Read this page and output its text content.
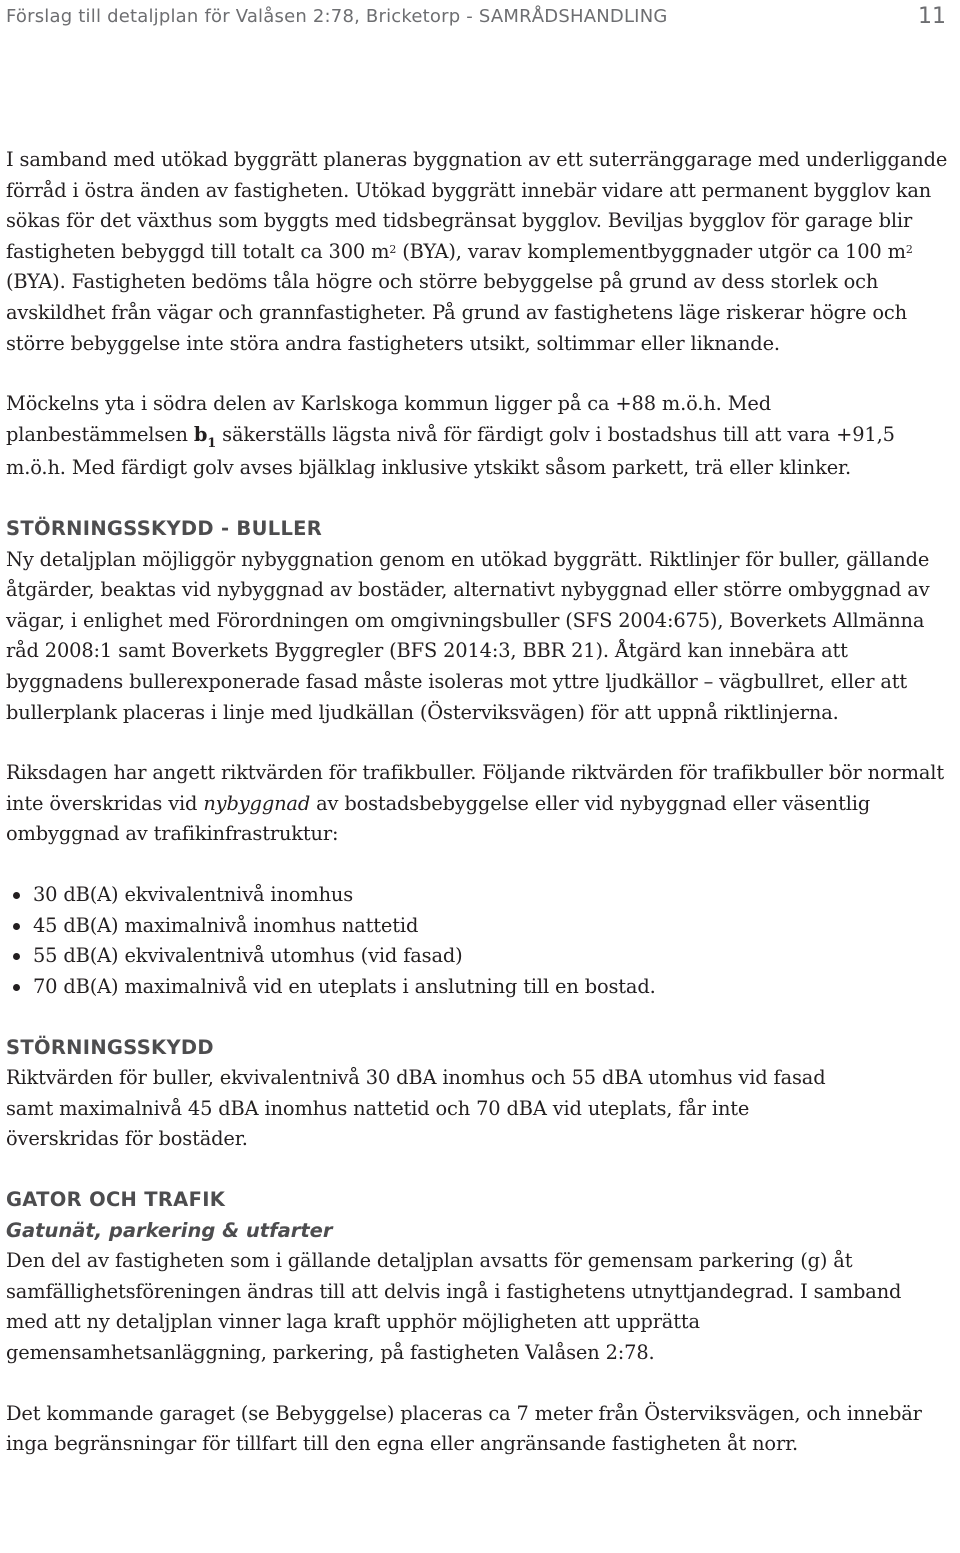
Förslag till detaljplan för Valåsen 2:78, Bricketorp - SAMRÅDSHANDLING	11

I samband med utökad byggrätt planeras byggnation av ett suterränggarage med underliggande förråd i östra änden av fastigheten. Utökad byggrätt innebär vidare att permanent bygglov kan sökas för det växthus som byggts med tidsbegränsat bygglov. Beviljas bygglov för garage blir fastigheten bebyggd till totalt ca 300 $m^2$ (BYA), varav komplementbyggnader utgör ca 100 $m^2$ (BYA). Fastigheten bedöms tåla högre och större bebyggelse på grund av dess storlek och avskildhet från vägar och grannfastigheter. På grund av fastighetens läge riskerar högre och större bebyggelse inte störa andra fastigheters utsikt, soltimmar eller liknande.

Möckelns yta i södra delen av Karlskoga kommun ligger på ca +88 m.ö.h. Med planbestämmelsen $b_1$ säkerställs lägsta nivå för färdigt golv i bostadshus till att vara +91,5 m.ö.h. Med färdigt golv avses bjälklag inklusive ytskikt såsom parkett, trä eller klinker.

STÖRNINGSSKYDD - BULLER

Ny detaljplan möjliggör nybyggnation genom en utökad byggrätt. Riktlinjer för buller, gällande åtgärder, beaktas vid nybyggnad av bostäder, alternativt nybyggnad eller större ombyggnad av vägar, i enlighet med Förordningen om omgivningsbuller (SFS 2004:675), Boverkets Allmänna råd 2008:1 samt Boverkets Byggregler (BFS 2014:3, BBR 21). Åtgärd kan innebära att byggnadens bullerexponerade fasad måste isoleras mot yttre ljudkällor – vägbullret, eller att bullerplank placeras i linje med ljudkällan (Österviksvägen) för att uppnå riktlinjerna.

Riksdagen har angett riktvärden för trafikbuller. Följande riktvärden för trafikbuller bör normalt inte överskridas vid nybyggnad av bostadsbebyggelse eller vid nybyggnad eller väsentlig ombyggnad av trafikinfrastruktur:

30 dB(A) ekvivalentnivå inomhus
45 dB(A) maximalnivå inomhus nattetid
55 dB(A) ekvivalentnivå utomhus (vid fasad)
70 dB(A) maximalnivå vid en uteplats i anslutning till en bostad.
STÖRNINGSSKYDD

Riktvärden för buller, ekvivalentnivå 30 dBA inomhus och 55 dBA utomhus vid fasad samt maximalnivå 45 dBA inomhus nattetid och 70 dBA vid uteplats, får inte överskridas för bostäder.

GATOR OCH TRAFIK
Gatunät, parkering & utfarter

Den del av fastigheten som i gällande detaljplan avsatts för gemensam parkering (g) åt samfällighetsföreningen ändras till att delvis ingå i fastighetens utnyttjandegrad. I samband med att ny detaljplan vinner laga kraft upphör möjligheten att upprätta gemensamhetsanläggning, parkering, på fastigheten Valåsen 2:78.

Det kommande garaget (se Bebyggelse) placeras ca 7 meter från Österviksvägen, och innebär inga begränsningar för tillfart till den egna eller angränsande fastigheten åt norr.
